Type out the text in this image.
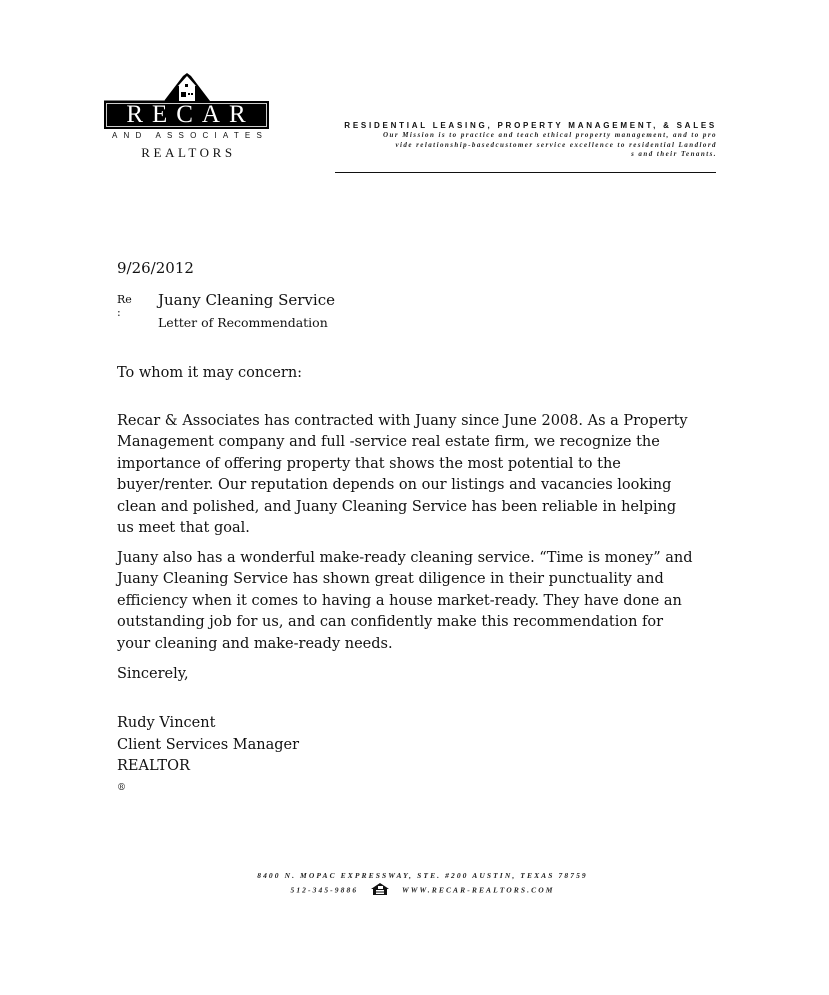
RECAR
AND ASSOCIATES
REALTORS
RESIDENTIAL LEASING, PROPERTY MANAGEMENT, & SALES
Our Mission is to practice and teach ethical property management, and to pro
vide relationship-basedcustomer service excellence to residential Landlord
s and their Tenants.
9/26/2012
Re
:
Juany Cleaning Service
Letter of Recommendation
To whom it may concern:
Recar & Associates has contracted with Juany since June 2008. As a Property
Management company and full -service real estate firm, we recognize the
importance of offering property that shows the most potential to the
buyer/renter. Our reputation depends on our listings and vacancies looking
clean and polished, and Juany Cleaning Service has been reliable in helping
us meet that goal.
Juany also has a wonderful make-ready cleaning service. “Time is money” and
Juany Cleaning Service has shown great diligence in their punctuality and
efficiency when it comes to having a house market-ready. They have done an
outstanding job for us, and can confidently make this recommendation for
your cleaning and make-ready needs.
Sincerely,
Rudy Vincent
Client Services Manager
REALTOR
®
8400 N. MOPAC EXPRESSWAY, STE. #200 AUSTIN, TEXAS 78759
512-345-9886	WWW.RECAR-REALTORS.COM
